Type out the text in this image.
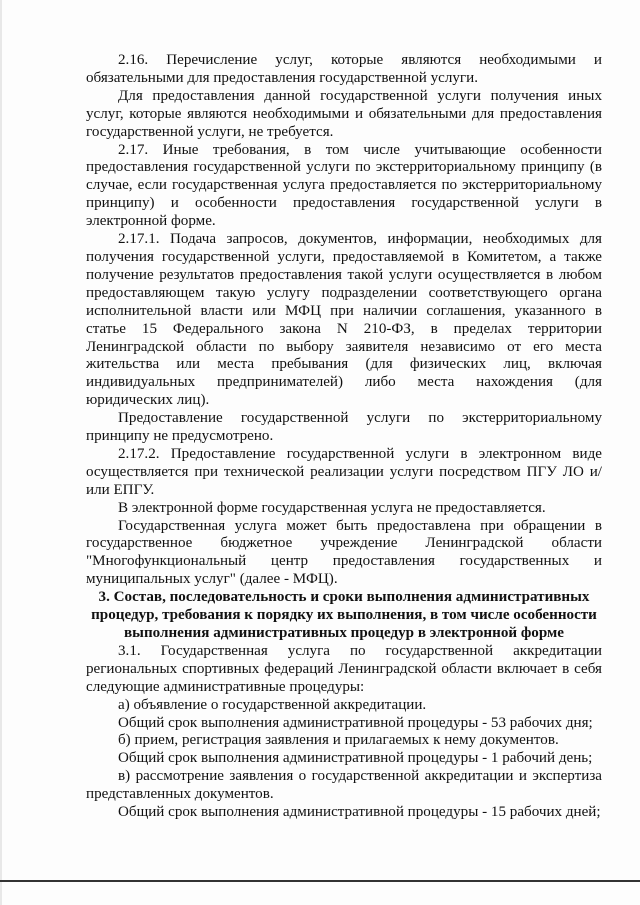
2.16. Перечисление услуг, которые являются необходимыми и обязательными для предоставления государственной услуги.

Для предоставления данной государственной услуги получения иных услуг, которые являются необходимыми и обязательными для предоставления государственной услуги, не требуется.

2.17. Иные требования, в том числе учитывающие особенности предоставления государственной услуги по экстерриториальному принципу (в случае, если государственная услуга предоставляется по экстерриториальному принципу) и особенности предоставления государственной услуги в электронной форме.

2.17.1. Подача запросов, документов, информации, необходимых для получения государственной услуги, предоставляемой в Комитетом, а также получение результатов предоставления такой услуги осуществляется в любом предоставляющем такую услугу подразделении соответствующего органа исполнительной власти или МФЦ при наличии соглашения, указанного в статье 15 Федерального закона N 210-ФЗ, в пределах территории Ленинградской области по выбору заявителя независимо от его места жительства или места пребывания (для физических лиц, включая индивидуальных предпринимателей) либо места нахождения (для юридических лиц).

Предоставление государственной услуги по экстерриториальному принципу не предусмотрено.

2.17.2. Предоставление государственной услуги в электронном виде осуществляется при технической реализации услуги посредством ПГУ ЛО и/или ЕПГУ.

В электронной форме государственная услуга не предоставляется.

Государственная услуга может быть предоставлена при обращении в государственное бюджетное учреждение Ленинградской области "Многофункциональный центр предоставления государственных и муниципальных услуг" (далее - МФЦ).

3. Состав, последовательность и сроки выполнения административных процедур, требования к порядку их выполнения, в том числе особенности выполнения административных процедур в электронной форме

3.1. Государственная услуга по государственной аккредитации региональных спортивных федераций Ленинградской области включает в себя следующие административные процедуры:

а) объявление о государственной аккредитации.

Общий срок выполнения административной процедуры - 53 рабочих дня;

б) прием, регистрация заявления и прилагаемых к нему документов.

Общий срок выполнения административной процедуры - 1 рабочий день;

в) рассмотрение заявления о государственной аккредитации и экспертиза представленных документов.

Общий срок выполнения административной процедуры - 15 рабочих дней;
